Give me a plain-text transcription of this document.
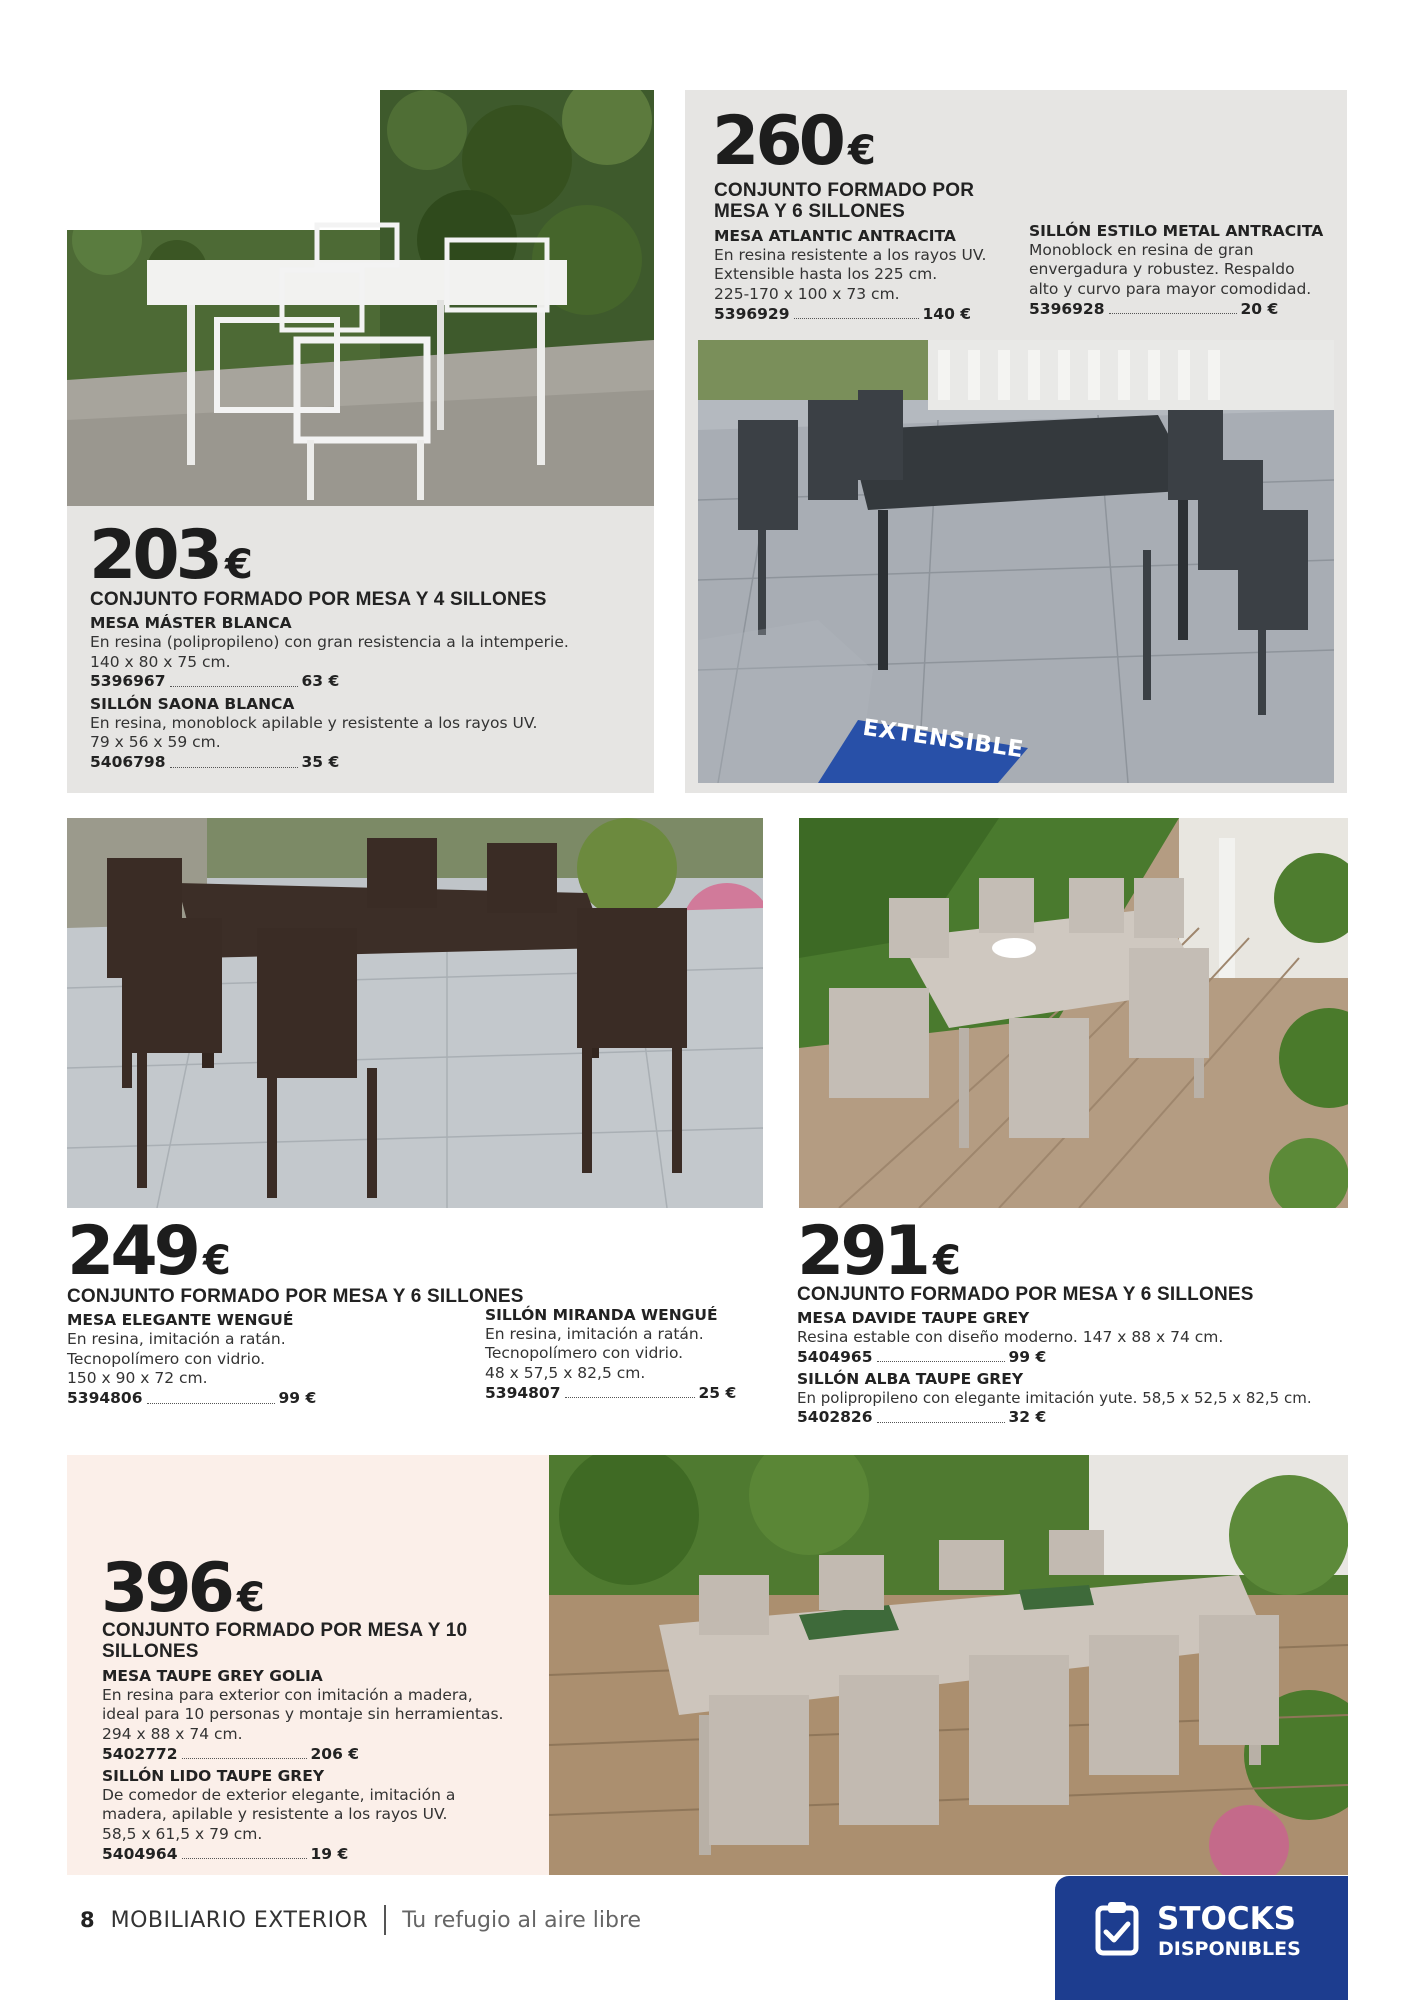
203 €
CONJUNTO FORMADO POR MESA Y 4 SILLONES
MESA MÁSTER BLANCA
En resina (polipropileno) con gran resistencia a la intemperie.
140 x 80 x 75 cm.
5396967	63 €
SILLÓN SAONA BLANCA
En resina, monoblock apilable y resistente a los rayos UV.
79 x 56 x 59 cm.
5406798	35 €
260 €
CONJUNTO FORMADO POR MESA Y 6 SILLONES
MESA ATLANTIC ANTRACITA
En resina resistente a los rayos UV.
Extensible hasta los 225 cm.
225-170 x 100 x 73 cm.
5396929	140 €
SILLÓN ESTILO METAL ANTRACITA
Monoblock en resina de gran
envergadura y robustez. Respaldo
alto y curvo para mayor comodidad.
5396928	20 €
EXTENSIBLE
249 €
CONJUNTO FORMADO POR MESA Y 6 SILLONES
MESA ELEGANTE WENGUÉ
En resina, imitación a ratán.
Tecnopolímero con vidrio.
150 x 90 x 72 cm.
5394806	99 €
SILLÓN MIRANDA WENGUÉ
En resina, imitación a ratán.
Tecnopolímero con vidrio.
48 x 57,5 x 82,5 cm.
5394807	25 €
291 €
CONJUNTO FORMADO POR MESA Y 6 SILLONES
MESA DAVIDE TAUPE GREY
Resina estable con diseño moderno. 147 x 88 x 74 cm.
5404965	99 €
SILLÓN ALBA TAUPE GREY
En polipropileno con elegante imitación yute. 58,5 x 52,5 x 82,5 cm.
5402826	32 €
396 €
CONJUNTO FORMADO POR MESA Y 10 SILLONES
MESA TAUPE GREY GOLIA
En resina para exterior con imitación a madera,
ideal para 10 personas y montaje sin herramientas.
294 x 88 x 74 cm.
5402772	206 €
SILLÓN LIDO TAUPE GREY
De comedor de exterior elegante, imitación a
madera, apilable y resistente a los rayos UV.
58,5 x 61,5 x 79 cm.
5404964	19 €
8 MOBILIARIO EXTERIOR Tu refugio al aire libre	STOCKS
DISPONIBLES
